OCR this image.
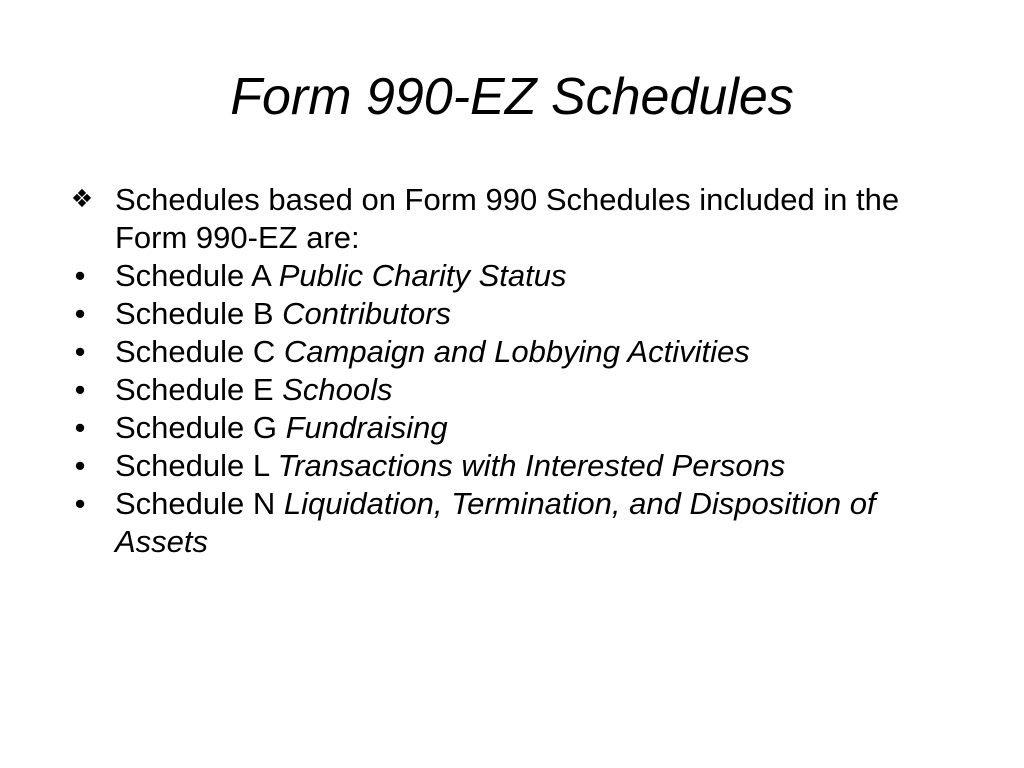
Form 990-EZ Schedules
❖ Schedules based on Form 990 Schedules included in the Form 990-EZ are:
• Schedule A Public Charity Status
• Schedule B Contributors
• Schedule C Campaign and Lobbying Activities
• Schedule E Schools
• Schedule G Fundraising
• Schedule L Transactions with Interested Persons
• Schedule N Liquidation, Termination, and Disposition of Assets
